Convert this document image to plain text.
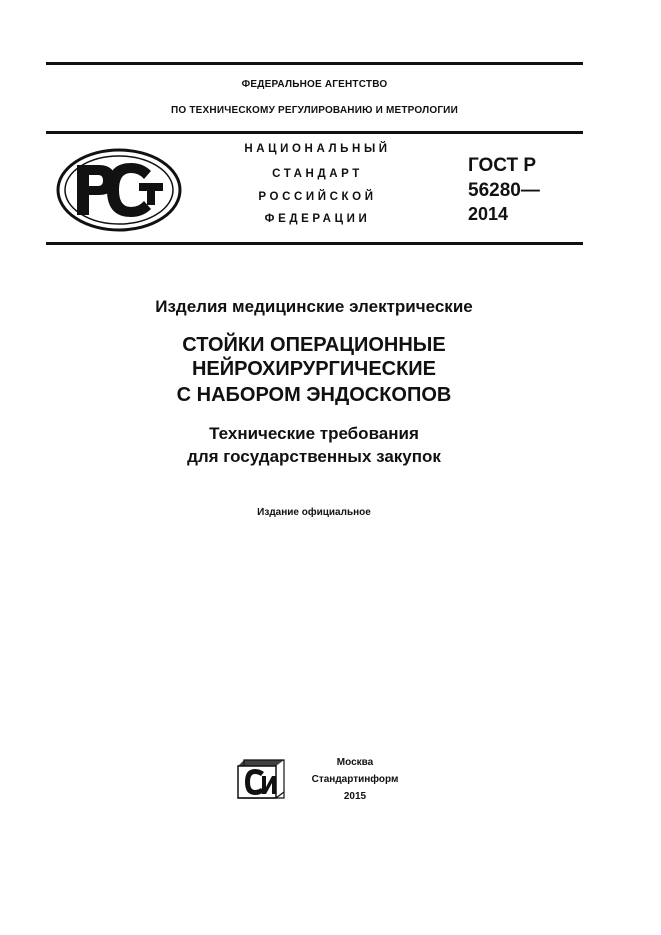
ФЕДЕРАЛЬНОЕ АГЕНТСТВО
ПО ТЕХНИЧЕСКОМУ РЕГУЛИРОВАНИЮ И МЕТРОЛОГИИ
НАЦИОНАЛЬНЫЙ
СТАНДАРТ
РОССИЙСКОЙ
ФЕДЕРАЦИИ
ГОСТ Р
56280—
2014
Изделия медицинские электрические
СТОЙКИ ОПЕРАЦИОННЫЕ
НЕЙРОХИРУРГИЧЕСКИЕ
С НАБОРОМ ЭНДОСКОПОВ
Технические требования
для государственных закупок
Издание официальное
Москва
Стандартинформ
2015
